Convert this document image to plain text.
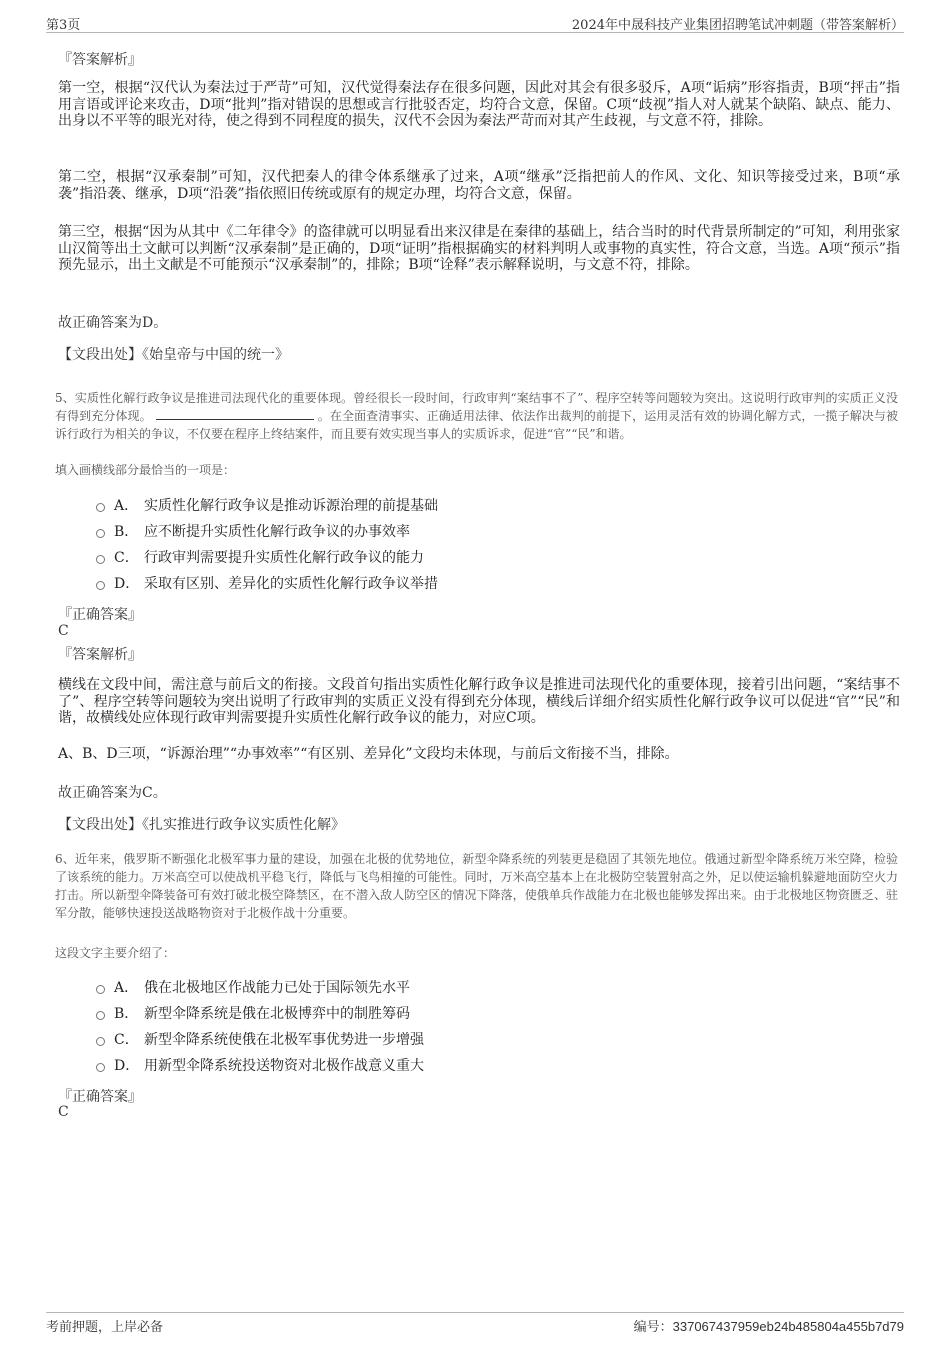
第3页	2024年中晟科技产业集团招聘笔试冲刺题（带答案解析）
『答案解析』

第一空，根据“汉代认为秦法过于严苛”可知，汉代觉得秦法存在很多问题，因此对其会有很多驳斥，A项“诟病”形容指责，B项“抨击”指用言语或评论来攻击，D项“批判”指对错误的思想或言行批驳否定，均符合文意，保留。C项“歧视”指人对人就某个缺陷、缺点、能力、出身以不平等的眼光对待，使之得到不同程度的损失，汉代不会因为秦法严苛而对其产生歧视，与文意不符，排除。

第二空，根据“汉承秦制”可知，汉代把秦人的律令体系继承了过来，A项“继承”泛指把前人的作风、文化、知识等接受过来，B项“承袭”指沿袭、继承，D项“沿袭”指依照旧传统或原有的规定办理，均符合文意，保留。

第三空，根据“因为从其中《二年律令》的盗律就可以明显看出来汉律是在秦律的基础上，结合当时的时代背景所制定的”可知，利用张家山汉简等出土文献可以判断“汉承秦制”是正确的，D项“证明”指根据确实的材料判明人或事物的真实性，符合文意，当选。A项“预示”指预先显示，出土文献是不可能预示“汉承秦制”的，排除；B项“诠释”表示解释说明，与文意不符，排除。

故正确答案为D。
【文段出处】《始皇帝与中国的统一》

5、实质性化解行政争议是推进司法现代化的重要体现。曾经很长一段时间，行政审判“案结事不了”、程序空转等问题较为突出。这说明行政审判的实质正义没有得到充分体现。	。在全面查清事实、正确适用法律、依法作出裁判的前提下，运用灵活有效的协调化解方式，一揽子解决与被诉行政行为相关的争议，不仅要在程序上终结案件，而且要有效实现当事人的实质诉求，促进“官”“民”和谐。

填入画横线部分最恰当的一项是：

A． 实质性化解行政争议是推动诉源治理的前提基础
B． 应不断提升实质性化解行政争议的办事效率
C． 行政审判需要提升实质性化解行政争议的能力
D． 采取有区别、差异化的实质性化解行政争议举措
『正确答案』
C
『答案解析』

横线在文段中间，需注意与前后文的衔接。文段首句指出实质性化解行政争议是推进司法现代化的重要体现，接着引出问题，“案结事不了”、程序空转等问题较为突出说明了行政审判的实质正义没有得到充分体现，横线后详细介绍实质性化解行政争议可以促进“官”“民”和谐，故横线处应体现行政审判需要提升实质性化解行政争议的能力，对应C项。

A、B、D三项，“诉源治理”“办事效率”“有区别、差异化”文段均未体现，与前后文衔接不当，排除。

故正确答案为C。
【文段出处】《扎实推进行政争议实质性化解》

6、近年来，俄罗斯不断强化北极军事力量的建设，加强在北极的优势地位，新型伞降系统的列装更是稳固了其领先地位。俄通过新型伞降系统万米空降，检验了该系统的能力。万米高空可以使战机平稳飞行，降低与飞鸟相撞的可能性。同时，万米高空基本上在北极防空装置射高之外，足以使运输机躲避地面防空火力打击。所以新型伞降装备可有效打破北极空降禁区，在不潜入敌人防空区的情况下降落，使俄单兵作战能力在北极也能够发挥出来。由于北极地区物资匮乏、驻军分散，能够快速投送战略物资对于北极作战十分重要。

这段文字主要介绍了：

A． 俄在北极地区作战能力已处于国际领先水平
B． 新型伞降系统是俄在北极博弈中的制胜筹码
C． 新型伞降系统使俄在北极军事优势进一步增强
D． 用新型伞降系统投送物资对北极作战意义重大
『正确答案』
C
考前押题，上岸必备	编号：337067437959eb24b485804a455b7d79
